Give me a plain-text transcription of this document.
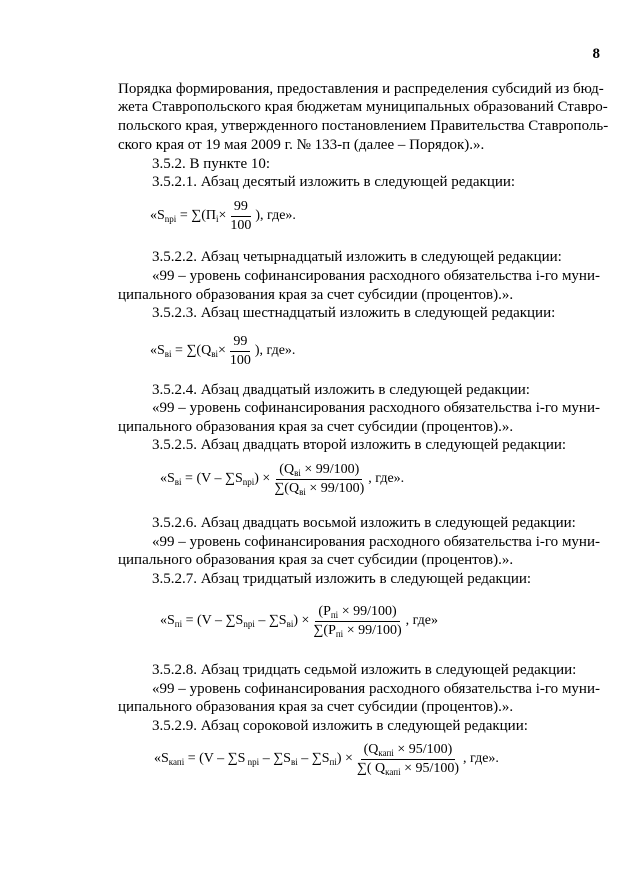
8
Порядка формирования, предоставления и распределения субсидий из бюд-
жета Ставропольского края бюджетам муниципальных образований Ставро-
польского края, утвержденного постановлением Правительства Ставрополь-
ского края от 19 мая 2009 г. № 133-п (далее – Порядок).».
3.5.2. В пункте 10:
3.5.2.1. Абзац десятый изложить в следующей редакции:
«$S_{nрi} = \sum(П_i\times \frac{99}{100}$ ), где».
3.5.2.2. Абзац четырнадцатый изложить в следующей редакции:
«99 – уровень софинансирования расходного обязательства i-го муни-
ципального образования края за счет субсидии (процентов).».
3.5.2.3. Абзац шестнадцатый изложить в следующей редакции:
«$S_{вi} = \sum(Q_{вi}\times \frac{99}{100}$ ), где».
3.5.2.4. Абзац двадцатый изложить в следующей редакции:
«99 – уровень софинансирования расходного обязательства i-го муни-
ципального образования края за счет субсидии (процентов).».
3.5.2.5. Абзац двадцать второй изложить в следующей редакции:
«$S_{вi} = (V - \sum S_{nрi}) \times \frac{(Q_{вi} \times 99/100)}{\sum(Q_{вi} \times 99/100)}$ , где».
3.5.2.6. Абзац двадцать восьмой изложить в следующей редакции:
«99 – уровень софинансирования расходного обязательства i-го муни-
ципального образования края за счет субсидии (процентов).».
3.5.2.7. Абзац тридцатый изложить в следующей редакции:
«$S_{пi} = (V - \sum S_{nрi} - \sum S_{вi}) \times \frac{(P_{пi} \times 99/100)}{\sum(P_{пi} \times 99/100)}$ , где»
3.5.2.8. Абзац тридцать седьмой изложить в следующей редакции:
«99 – уровень софинансирования расходного обязательства i-го муни-
ципального образования края за счет субсидии (процентов).».
3.5.2.9. Абзац сороковой изложить в следующей редакции:
«$S_{капi} = (V - \sum S$ $_{nрi} - \sum S_{вi} - \sum S_{пi}) \times \frac{(Q_{капi} \times 95/100)}{\sum( Q_{капi} \times 95/100)}$ , где».
